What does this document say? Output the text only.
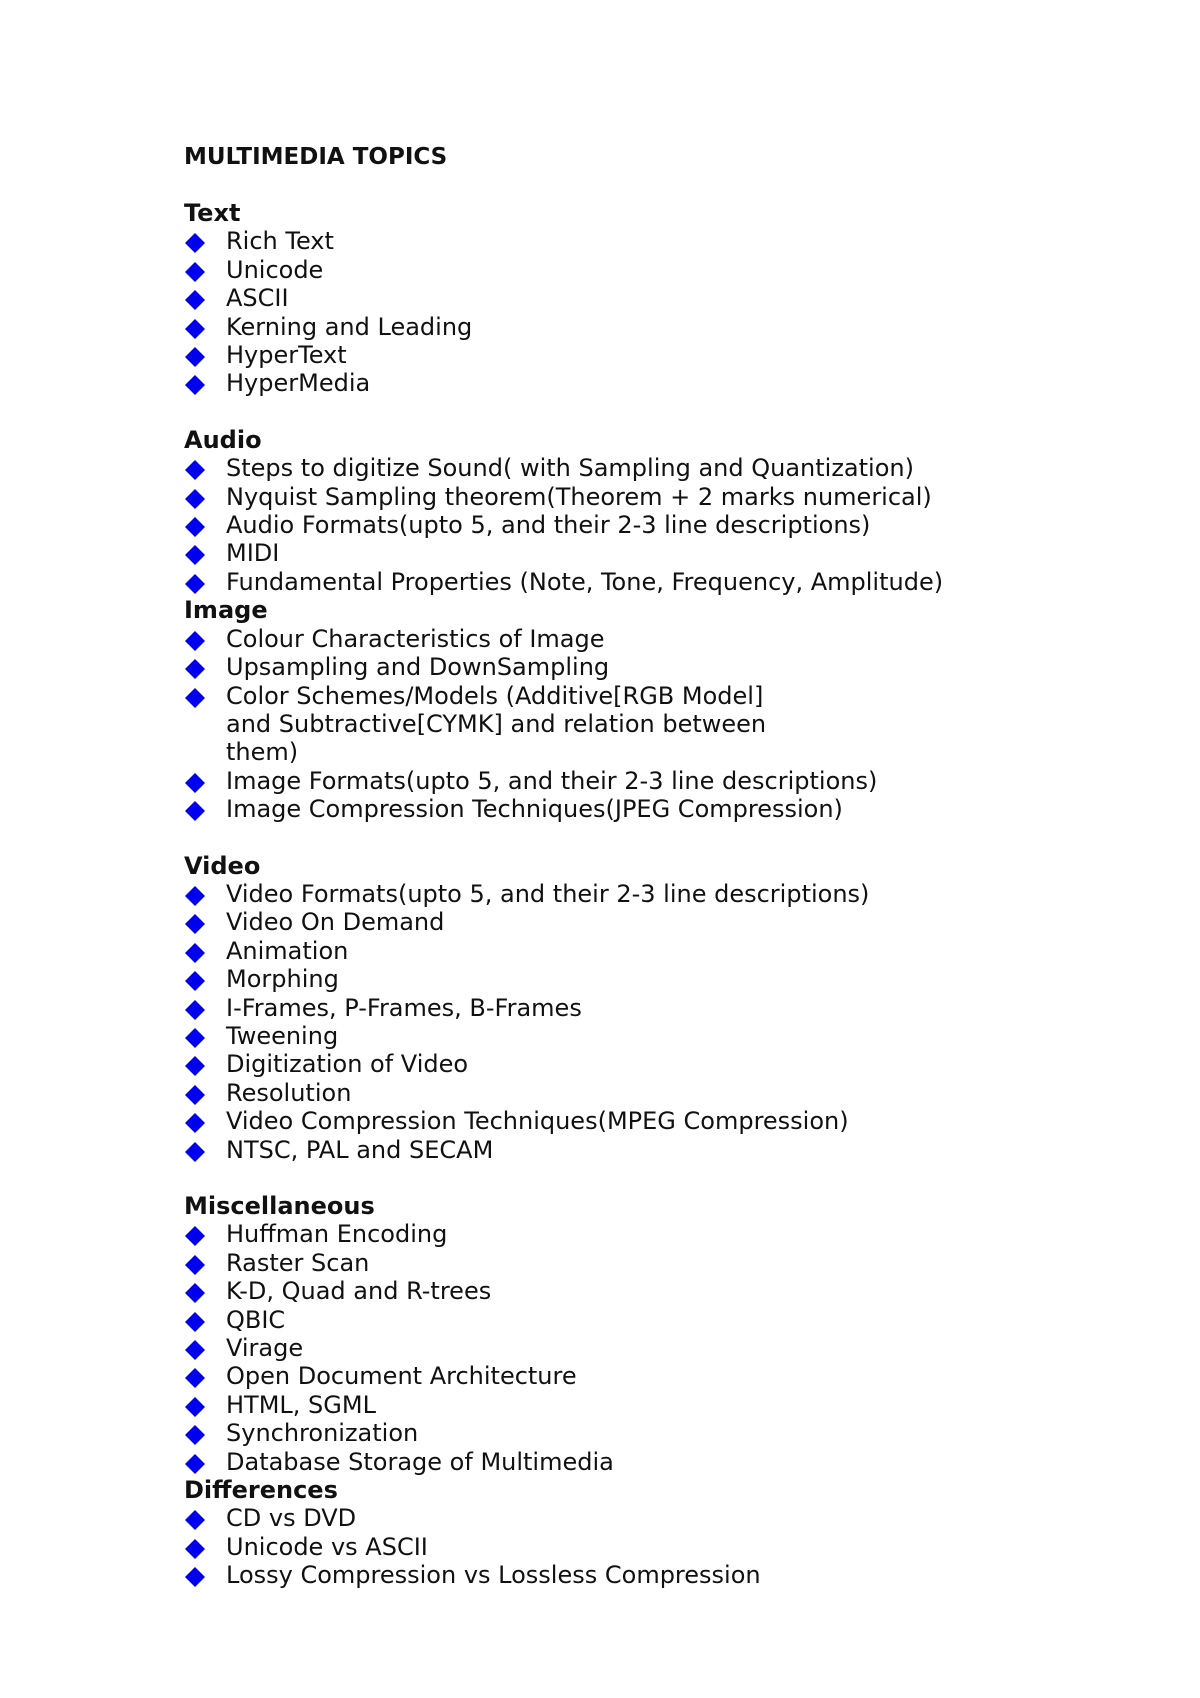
MULTIMEDIA TOPICS
Text
Rich Text
Unicode
ASCII
Kerning and Leading
HyperText
HyperMedia
Audio
Steps to digitize Sound( with Sampling and Quantization)
Nyquist Sampling theorem(Theorem + 2 marks numerical)
Audio Formats(upto 5, and their 2-3 line descriptions)
MIDI
Fundamental Properties (Note, Tone, Frequency, Amplitude)
Image
Colour Characteristics of Image
Upsampling and DownSampling
Color Schemes/Models (Additive[RGB Model] and Subtractive[CYMK] and relation between them)
Image Formats(upto 5, and their 2-3 line descriptions)
Image Compression Techniques(JPEG Compression)
Video
Video Formats(upto 5, and their 2-3 line descriptions)
Video On Demand
Animation
Morphing
I-Frames, P-Frames, B-Frames
Tweening
Digitization of Video
Resolution
Video Compression Techniques(MPEG Compression)
NTSC, PAL and SECAM
Miscellaneous
Huffman Encoding
Raster Scan
K-D, Quad and R-trees
QBIC
Virage
Open Document Architecture
HTML, SGML
Synchronization
Database Storage of Multimedia
Differences
CD vs DVD
Unicode vs ASCII
Lossy Compression vs Lossless Compression
